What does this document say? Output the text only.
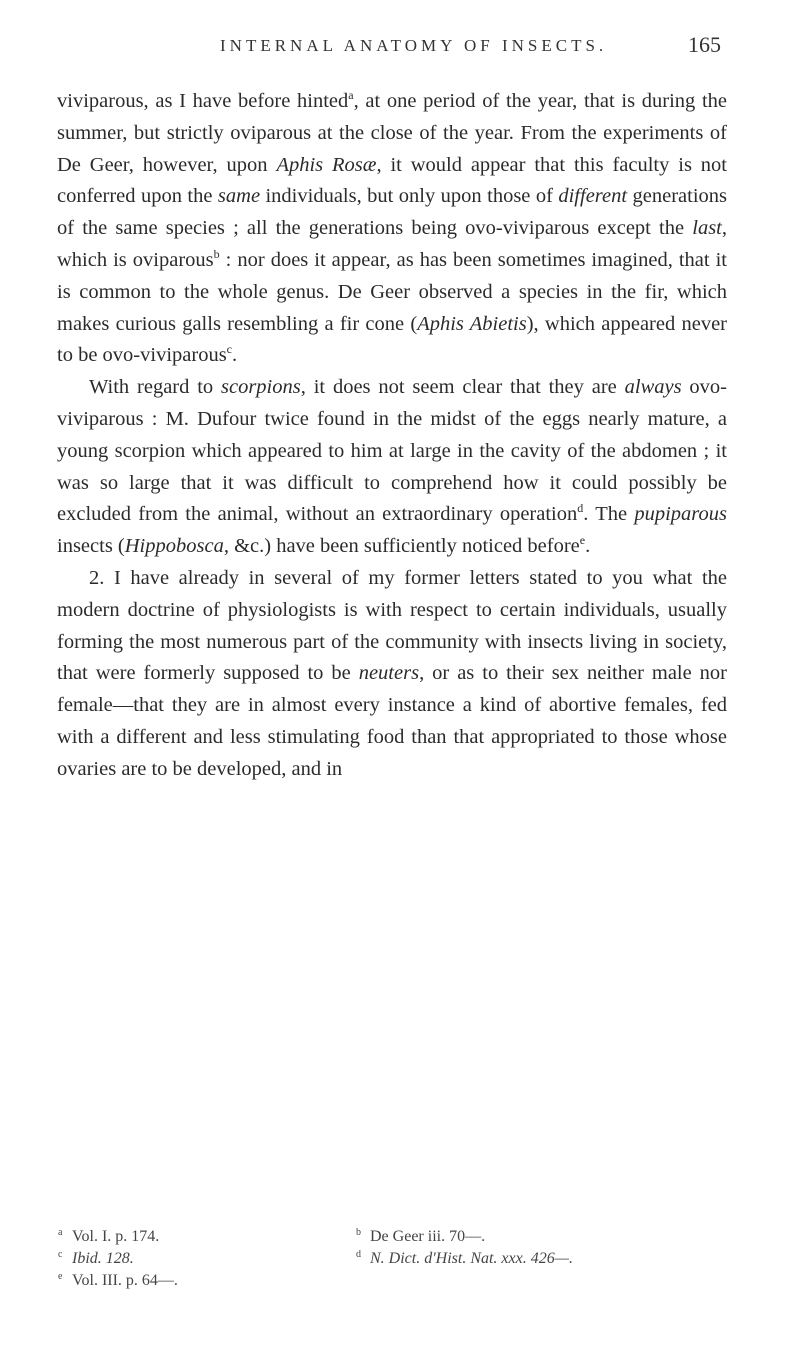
INTERNAL ANATOMY OF INSECTS.	165

viviparous, as I have before hinted$^a$, at one period of the year, that is during the summer, but strictly oviparous at the close of the year. From the experiments of De Geer, however, upon Aphis Rosæ, it would appear that this faculty is not conferred upon the same individuals, but only upon those of different generations of the same species ; all the generations being ovo-viviparous except the last, which is oviparous$^b$ : nor does it appear, as has been sometimes imagined, that it is common to the whole genus. De Geer observed a species in the fir, which makes curious galls resembling a fir cone (Aphis Abietis), which appeared never to be ovo-viviparous$^c$.

With regard to scorpions, it does not seem clear that they are always ovo-viviparous : M. Dufour twice found in the midst of the eggs nearly mature, a young scorpion which appeared to him at large in the cavity of the abdomen ; it was so large that it was difficult to comprehend how it could possibly be excluded from the animal, without an extraordinary operation$^d$. The pupiparous insects (Hippobosca, &c.) have been sufficiently noticed before$^e$.

2. I have already in several of my former letters stated to you what the modern doctrine of physiologists is with respect to certain individuals, usually forming the most numerous part of the community with insects living in society, that were formerly supposed to be neuters, or as to their sex neither male nor female—that they are in almost every instance a kind of abortive females, fed with a different and less stimulating food than that appropriated to those whose ovaries are to be developed, and in

a Vol. I. p. 174.
c Ibid. 128.
e Vol. III. p. 64—.
b De Geer iii. 70—.
d N. Dict. d'Hist. Nat. xxx. 426—.
